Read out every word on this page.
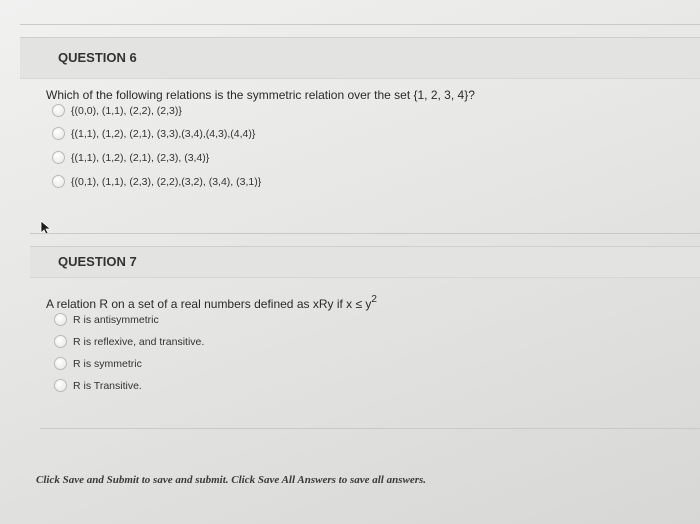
QUESTION 6
Which of the following relations is the symmetric relation over the set {1, 2, 3, 4}?
{(0,0), (1,1), (2,2), (2,3)}
{(1,1), (1,2), (2,1), (3,3),(3,4),(4,3),(4,4)}
{(1,1), (1,2), (2,1), (2,3), (3,4)}
{(0,1), (1,1), (2,3), (2,2),(3,2), (3,4), (3,1)}
QUESTION 7
A relation R on a set of a real numbers defined as xRy if $x \le y^2$
R is antisymmetric
R is reflexive, and transitive.
R is symmetric
R is Transitive.
Click Save and Submit to save and submit. Click Save All Answers to save all answers.
